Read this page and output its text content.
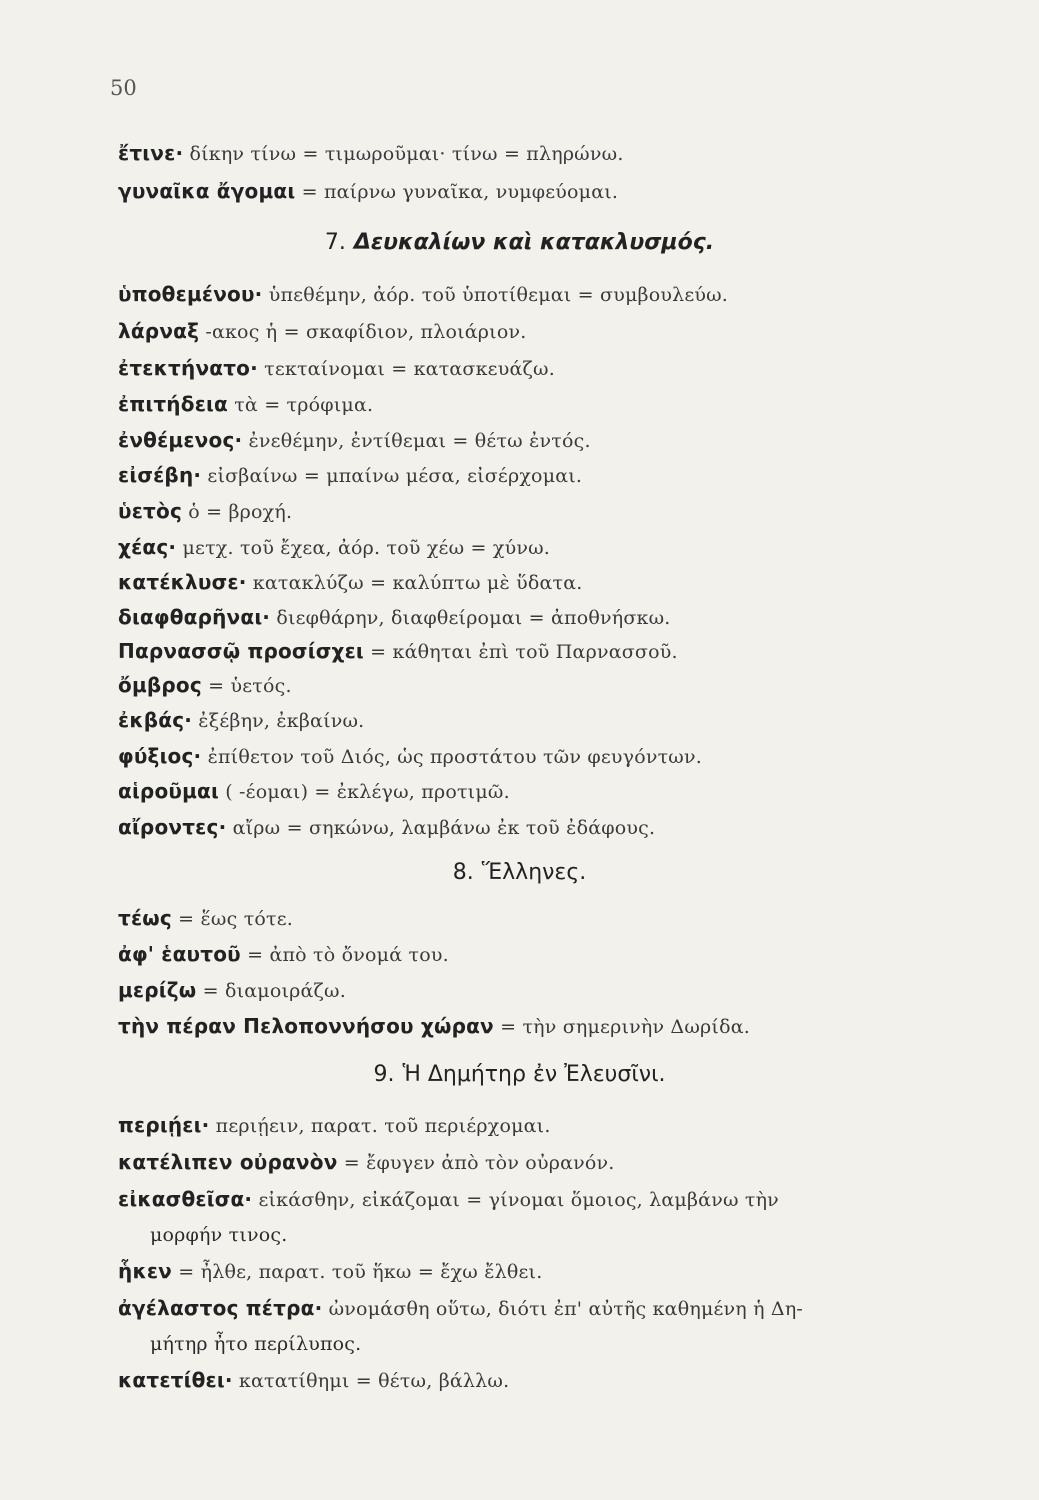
50
ἔτινε· δίκην τίνω = τιμωροῦμαι· τίνω = πληρώνω.
γυναῖκα ἄγομαι = παίρνω γυναῖκα, νυμφεύομαι.
7. Δευκαλίων καὶ κατακλυσμός.
ὑποθεμένου· ὑπεθέμην, ἀόρ. τοῦ ὑποτίθεμαι = συμβουλεύω.
λάρναξ -ακος ἡ = σκαφίδιον, πλοιάριον.
ἐτεκτήνατο· τεκταίνομαι = κατασκευάζω.
ἐπιτήδεια τὰ = τρόφιμα.
ἐνθέμενος· ἐνεθέμην, ἐντίθεμαι = θέτω ἐντός.
εἰσέβη· εἰσβαίνω = μπαίνω μέσα, εἰσέρχομαι.
ὑετὸς ὁ = βροχή.
χέας· μετχ. τοῦ ἔχεα, ἀόρ. τοῦ χέω = χύνω.
κατέκλυσε· κατακλύζω = καλύπτω μὲ ὕδατα.
διαφθαρῆναι· διεφθάρην, διαφθείρομαι = ἀποθνήσκω.
Παρνασσῷ προσίσχει = κάθηται ἐπὶ τοῦ Παρνασσοῦ.
ὄμβρος = ὑετός.
ἐκβάς· ἐξέβην, ἐκβαίνω.
φύξιος· ἐπίθετον τοῦ Διός, ὡς προστάτου τῶν φευγόντων.
αἱροῦμαι ( -έομαι) = ἐκλέγω, προτιμῶ.
αἴροντες· αἴρω = σηκώνω, λαμβάνω ἐκ τοῦ ἐδάφους.
8. Ἕλληνες.
τέως = ἕως τότε.
ἀφ' ἑαυτοῦ = ἀπὸ τὸ ὄνομά του.
μερίζω = διαμοιράζω.
τὴν πέραν Πελοποννήσου χώραν = τὴν σημερινὴν Δωρίδα.
9. Ἡ Δημήτηρ ἐν Ἐλευσῖνι.
περιῄει· περιῄειν, παρατ. τοῦ περιέρχομαι.
κατέλιπεν οὐρανὸν = ἔφυγεν ἀπὸ τὸν οὐρανόν.
εἰκασθεῖσα· εἰκάσθην, εἰκάζομαι = γίνομαι ὅμοιος, λαμβάνω τὴν
μορφήν τινος.
ἧκεν = ἦλθε, παρατ. τοῦ ἥκω = ἔχω ἔλθει.
ἀγέλαστος πέτρα· ὠνομάσθη οὕτω, διότι ἐπ' αὐτῆς καθημένη ἡ Δη-
μήτηρ ἦτο περίλυπος.
κατετίθει· κατατίθημι = θέτω, βάλλω.
